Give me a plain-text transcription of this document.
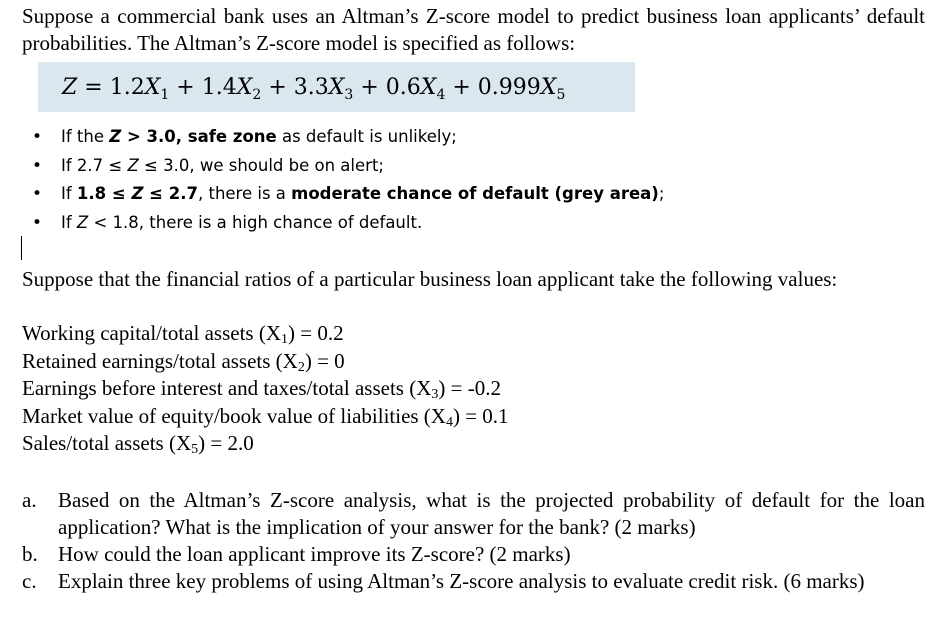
Suppose a commercial bank uses an Altman’s Z-score model to predict business loan applicants’ default probabilities. The Altman’s Z-score model is specified as follows:

$Z = 1.2X_1 + 1.4X_2 + 3.3X_3 + 0.6X_4 + 0.999X_5$
• If the Z > 3.0, safe zone as default is unlikely;
• If 2.7 ≤ Z ≤ 3.0, we should be on alert;
• If 1.8 ≤ Z ≤ 2.7, there is a moderate chance of default (grey area);
• If Z < 1.8, there is a high chance of default.

Suppose that the financial ratios of a particular business loan applicant take the following values:

Working capital/total assets $(X_1) = 0.2$
Retained earnings/total assets $(X_2) = 0$
Earnings before interest and taxes/total assets $(X_3) = -0.2$
Market value of equity/book value of liabilities $(X_4) = 0.1$
Sales/total assets $(X_5) = 2.0$
a. Based on the Altman’s Z-score analysis, what is the projected probability of default for the loan application? What is the implication of your answer for the bank? (2 marks)
b. How could the loan applicant improve its Z-score? (2 marks)
c. Explain three key problems of using Altman’s Z-score analysis to evaluate credit risk. (6 marks)
